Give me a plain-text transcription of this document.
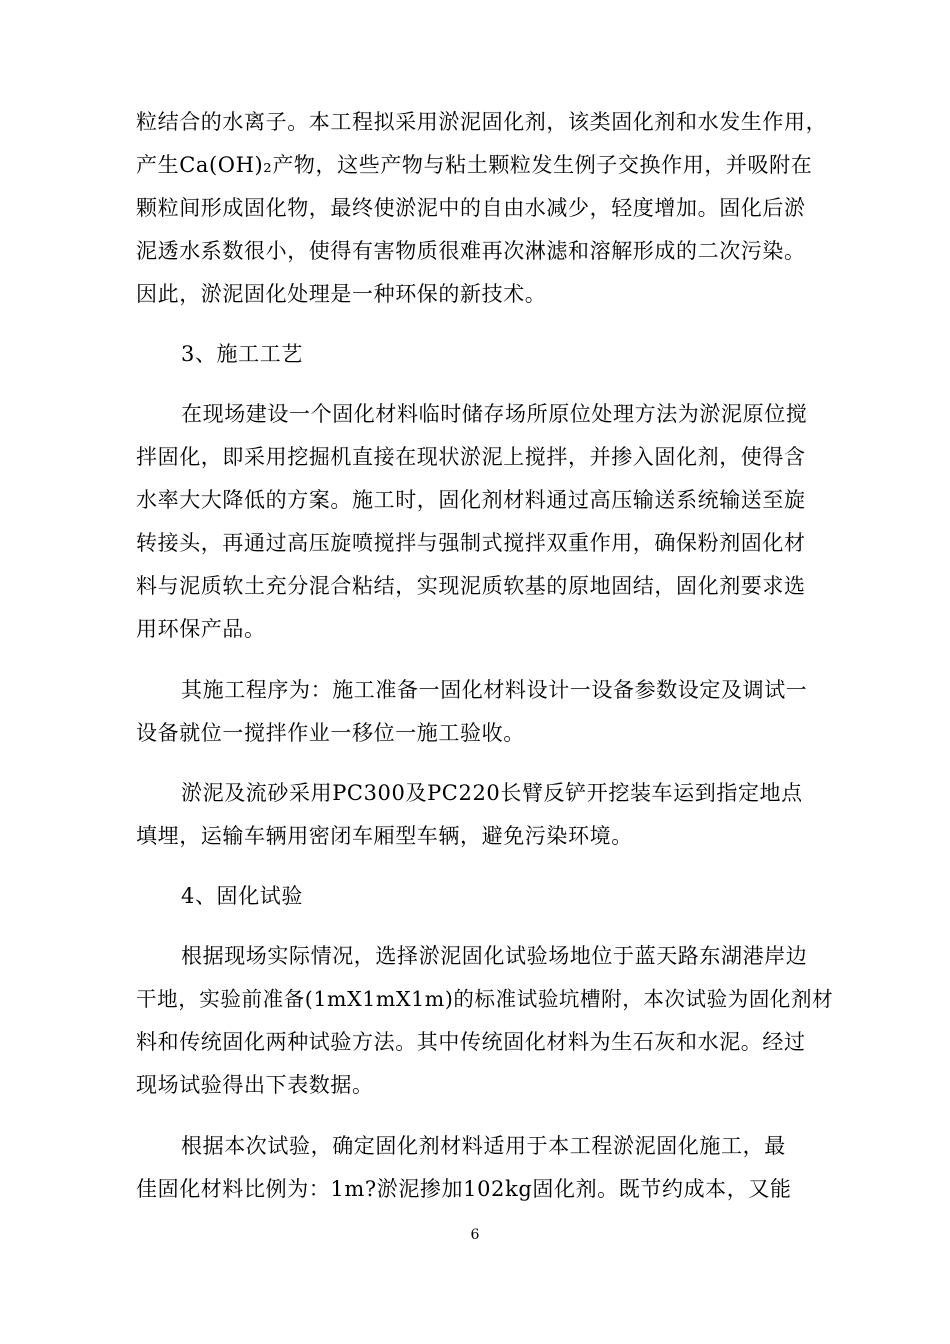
粒结合的水离子。本工程拟采用淤泥固化剂，该类固化剂和水发生作用，
产生Ca(OH)₂产物，这些产物与粘土颗粒发生例子交换作用，并吸附在
颗粒间形成固化物，最终使淤泥中的自由水减少，轻度增加。固化后淤
泥透水系数很小，使得有害物质很难再次淋滤和溶解形成的二次污染。
因此，淤泥固化处理是一种环保的新技术。
3、施工工艺
在现场建设一个固化材料临时储存场所原位处理方法为淤泥原位搅
拌固化，即采用挖掘机直接在现状淤泥上搅拌，并掺入固化剂，使得含
水率大大降低的方案。施工时，固化剂材料通过高压输送系统输送至旋
转接头，再通过高压旋喷搅拌与强制式搅拌双重作用，确保粉剂固化材
料与泥质软土充分混合粘结，实现泥质软基的原地固结，固化剂要求选
用环保产品。
其施工程序为：施工准备一固化材料设计一设备参数设定及调试一
设备就位一搅拌作业一移位一施工验收。
淤泥及流砂采用PC300及PC220长臂反铲开挖装车运到指定地点
填埋，运输车辆用密闭车厢型车辆，避免污染环境。
4、固化试验
根据现场实际情况，选择淤泥固化试验场地位于蓝天路东湖港岸边
干地，实验前准备(1mX1mX1m)的标准试验坑槽附，本次试验为固化剂材
料和传统固化两种试验方法。其中传统固化材料为生石灰和水泥。经过
现场试验得出下表数据。
根据本次试验，确定固化剂材料适用于本工程淤泥固化施工，最
佳固化材料比例为：1m?淤泥掺加102kg固化剂。既节约成本，又能
6
